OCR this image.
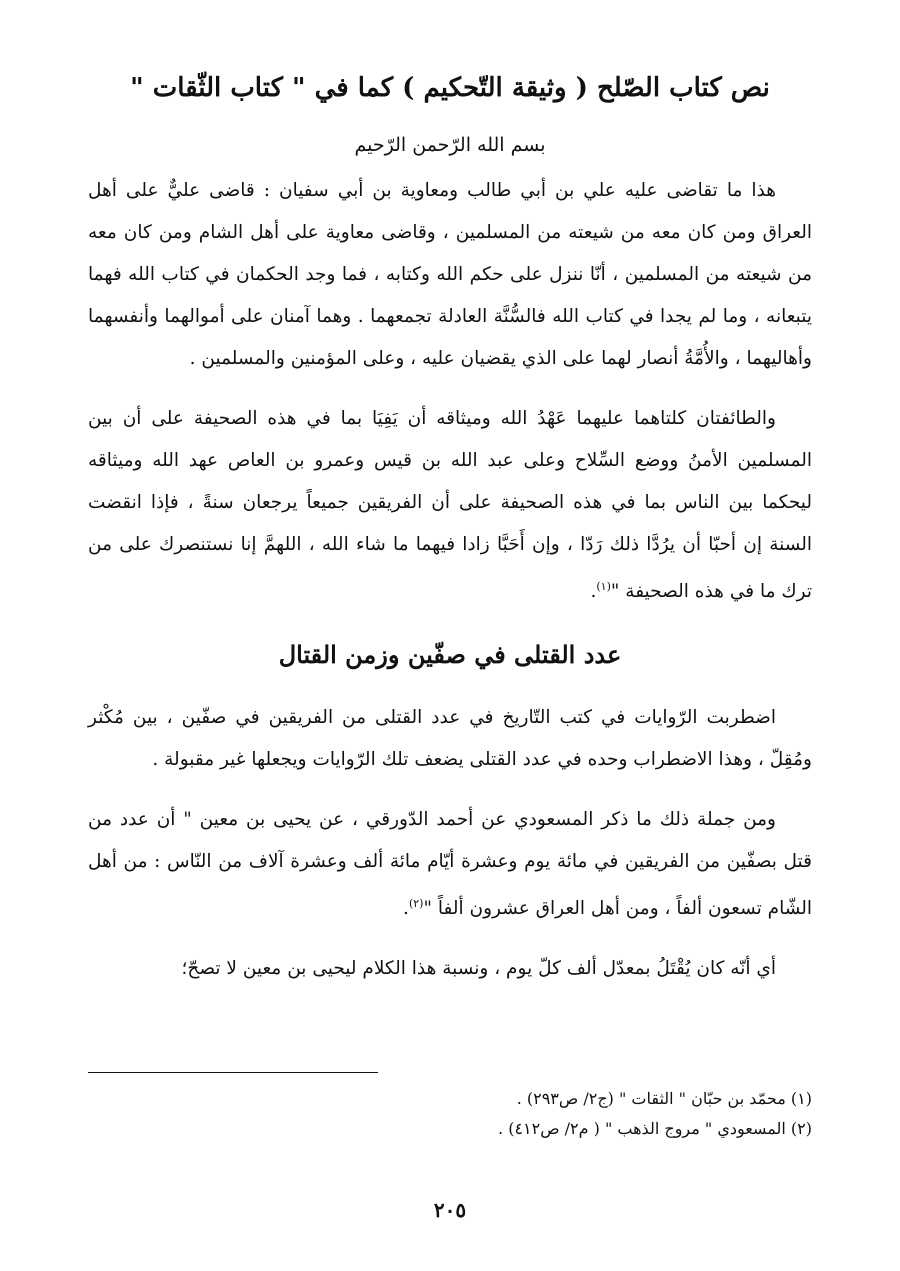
نص كتاب الصّلح ( وثيقة التّحكيم ) كما في " كتاب الثّقات "
بسم الله الرّحمن الرّحيم

هذا ما تقاضى عليه علي بن أبي طالب ومعاوية بن أبي سفيان : قاضى عليٌّ على أهل العراق ومن كان معه من شيعته من المسلمين ، وقاضى معاوية على أهل الشام ومن كان معه من شيعته من المسلمين ، أنّا ننزل على حكم الله وكتابه ، فما وجد الحكمان في كتاب الله فهما يتبعانه ، وما لم يجدا في كتاب الله فالسُّنَّة العادلة تجمعهما . وهما آمنان على أموالهما وأنفسهما وأهاليهما ، والأُمَّةُ أنصار لهما على الذي يقضيان عليه ، وعلى المؤمنين والمسلمين .

والطائفتان كلتاهما عليهما عَهْدُ الله وميثاقه أن يَفِيَا بما في هذه الصحيفة على أن بين المسلمين الأمنُ ووضع السِّلاح وعلى عبد الله بن قيس وعمرو بن العاص عهد الله وميثاقه ليحكما بين الناس بما في هذه الصحيفة على أن الفريقين جميعاً يرجعان سنةً ، فإذا انقضت السنة إن أحبّا أن يرُدَّا ذلك رَدّا ، وإن أَحَبَّا زادا فيهما ما شاء الله ، اللهمَّ إنا نستنصرك على من ترك ما في هذه الصحيفة "$^{(١)}$.

عدد القتلى في صفّين وزمن القتال

اضطربت الرّوايات في كتب التّاريخ في عدد القتلى من الفريقين في صفّين ، بين مُكْثر ومُقِلّ ، وهذا الاضطراب وحده في عدد القتلى يضعف تلك الرّوايات ويجعلها غير مقبولة .

ومن جملة ذلك ما ذكر المسعودي عن أحمد الدّورقي ، عن يحيى بن معين " أن عدد من قتل بصفّين من الفريقين في مائة يوم وعشرة أيّام مائة ألف وعشرة آلاف من النّاس : من أهل الشّام تسعون ألفاً ، ومن أهل العراق عشرون ألفاً "$^{(٢)}$.

أي أنّه كان يُقْتَلُ بمعدّل ألف كلّ يوم ، ونسبة هذا الكلام ليحيى بن معين لا تصحّ؛

(١) محمّد بن حبّان " الثقات " (ج٢/ ص٢٩٣) .
(٢) المسعودي " مروج الذهب " ( م٢/ ص٤١٢) .
٢٠٥
